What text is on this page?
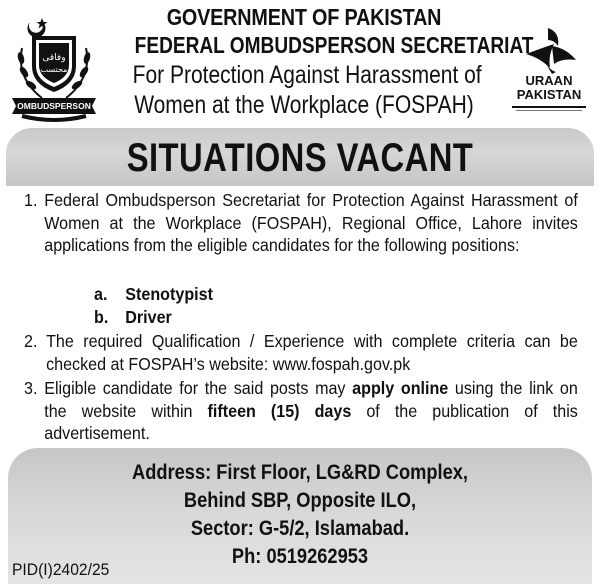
وفاقی
محتسب
OMBUDSPERSON
GOVERNMENT OF PAKISTAN
FEDERAL OMBUDSPERSON SECRETARIAT
For Protection Against Harassment of
Women at the Workplace (FOSPAH)
URAAN
PAKISTAN
SITUATIONS VACANT
1. Federal Ombudsperson Secretariat for Protection Against Harassment of Women at the Workplace (FOSPAH), Regional Office, Lahore invites applications from the eligible candidates for the following positions:
a. Stenotypist
b. Driver
2. The required Qualification / Experience with complete criteria can be checked at FOSPAH’s website: www.fospah.gov.pk
3. Eligible candidate for the said posts may apply online using the link on the website within fifteen (15) days of the publication of this advertisement.
Address: First Floor, LG&RD Complex,
Behind SBP, Opposite ILO,
Sector: G-5/2, Islamabad.
Ph: 0519262953
PID(I)2402/25
